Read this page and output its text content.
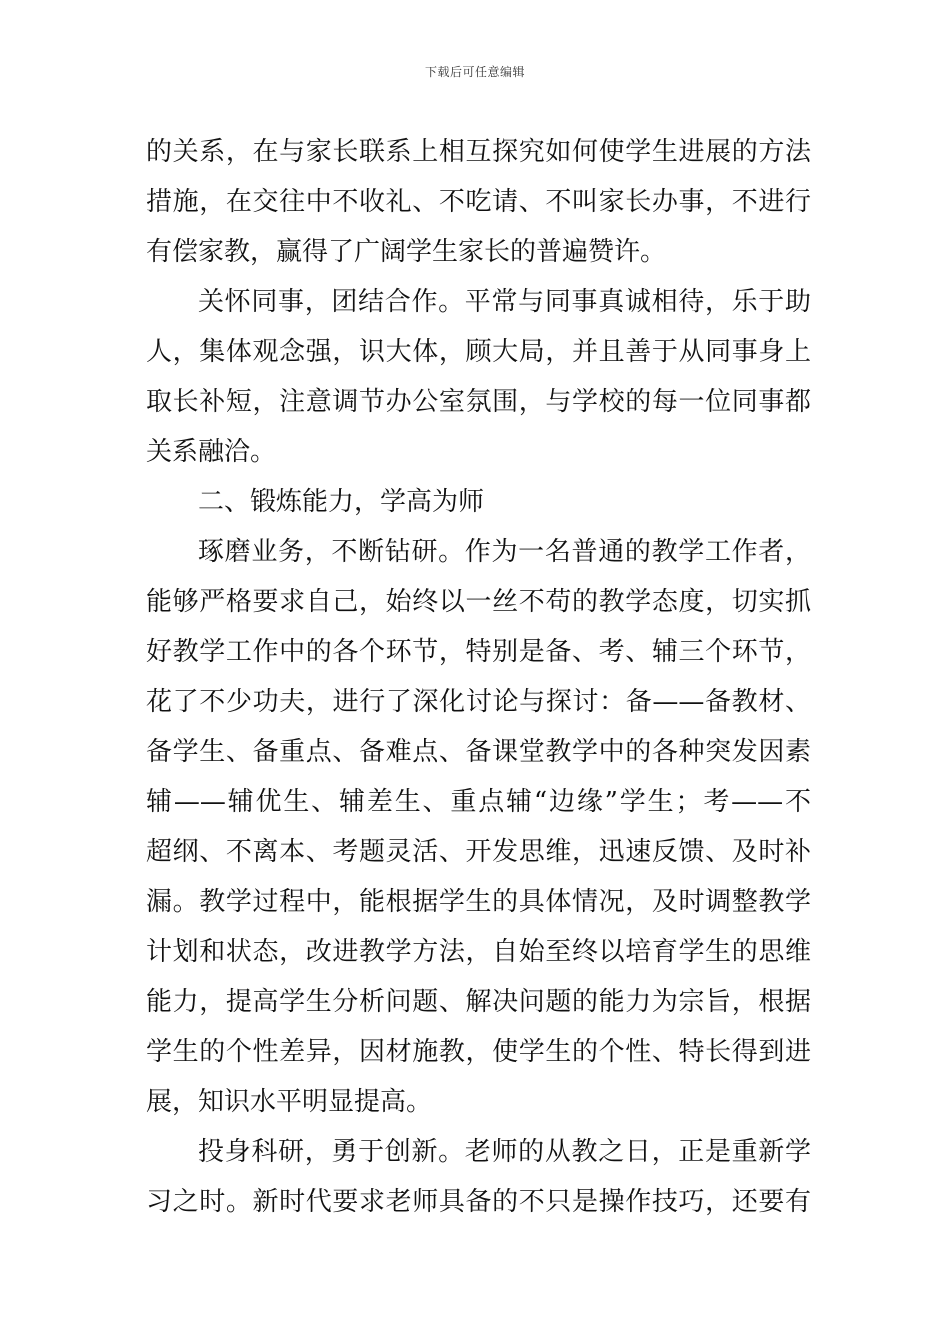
下载后可任意编辑
的关系，在与家长联系上相互探究如何使学生进展的方法
措施，在交往中不收礼、不吃请、不叫家长办事，不进行
有偿家教，赢得了广阔学生家长的普遍赞许。
关怀同事，团结合作。平常与同事真诚相待，乐于助
人，集体观念强，识大体，顾大局，并且善于从同事身上
取长补短，注意调节办公室氛围，与学校的每一位同事都
关系融洽。
二、锻炼能力，学高为师
琢磨业务，不断钻研。作为一名普通的教学工作者，
能够严格要求自己，始终以一丝不苟的教学态度，切实抓
好教学工作中的各个环节，特别是备、考、辅三个环节，
花了不少功夫，进行了深化讨论与探讨：备——备教材、
备学生、备重点、备难点、备课堂教学中的各种突发因素
辅——辅优生、辅差生、重点辅“边缘”学生；考——不
超纲、不离本、考题灵活、开发思维，迅速反馈、及时补
漏。教学过程中，能根据学生的具体情况，及时调整教学
计划和状态，改进教学方法，自始至终以培育学生的思维
能力，提高学生分析问题、解决问题的能力为宗旨，根据
学生的个性差异，因材施教，使学生的个性、特长得到进
展，知识水平明显提高。
投身科研，勇于创新。老师的从教之日，正是重新学
习之时。新时代要求老师具备的不只是操作技巧，还要有
